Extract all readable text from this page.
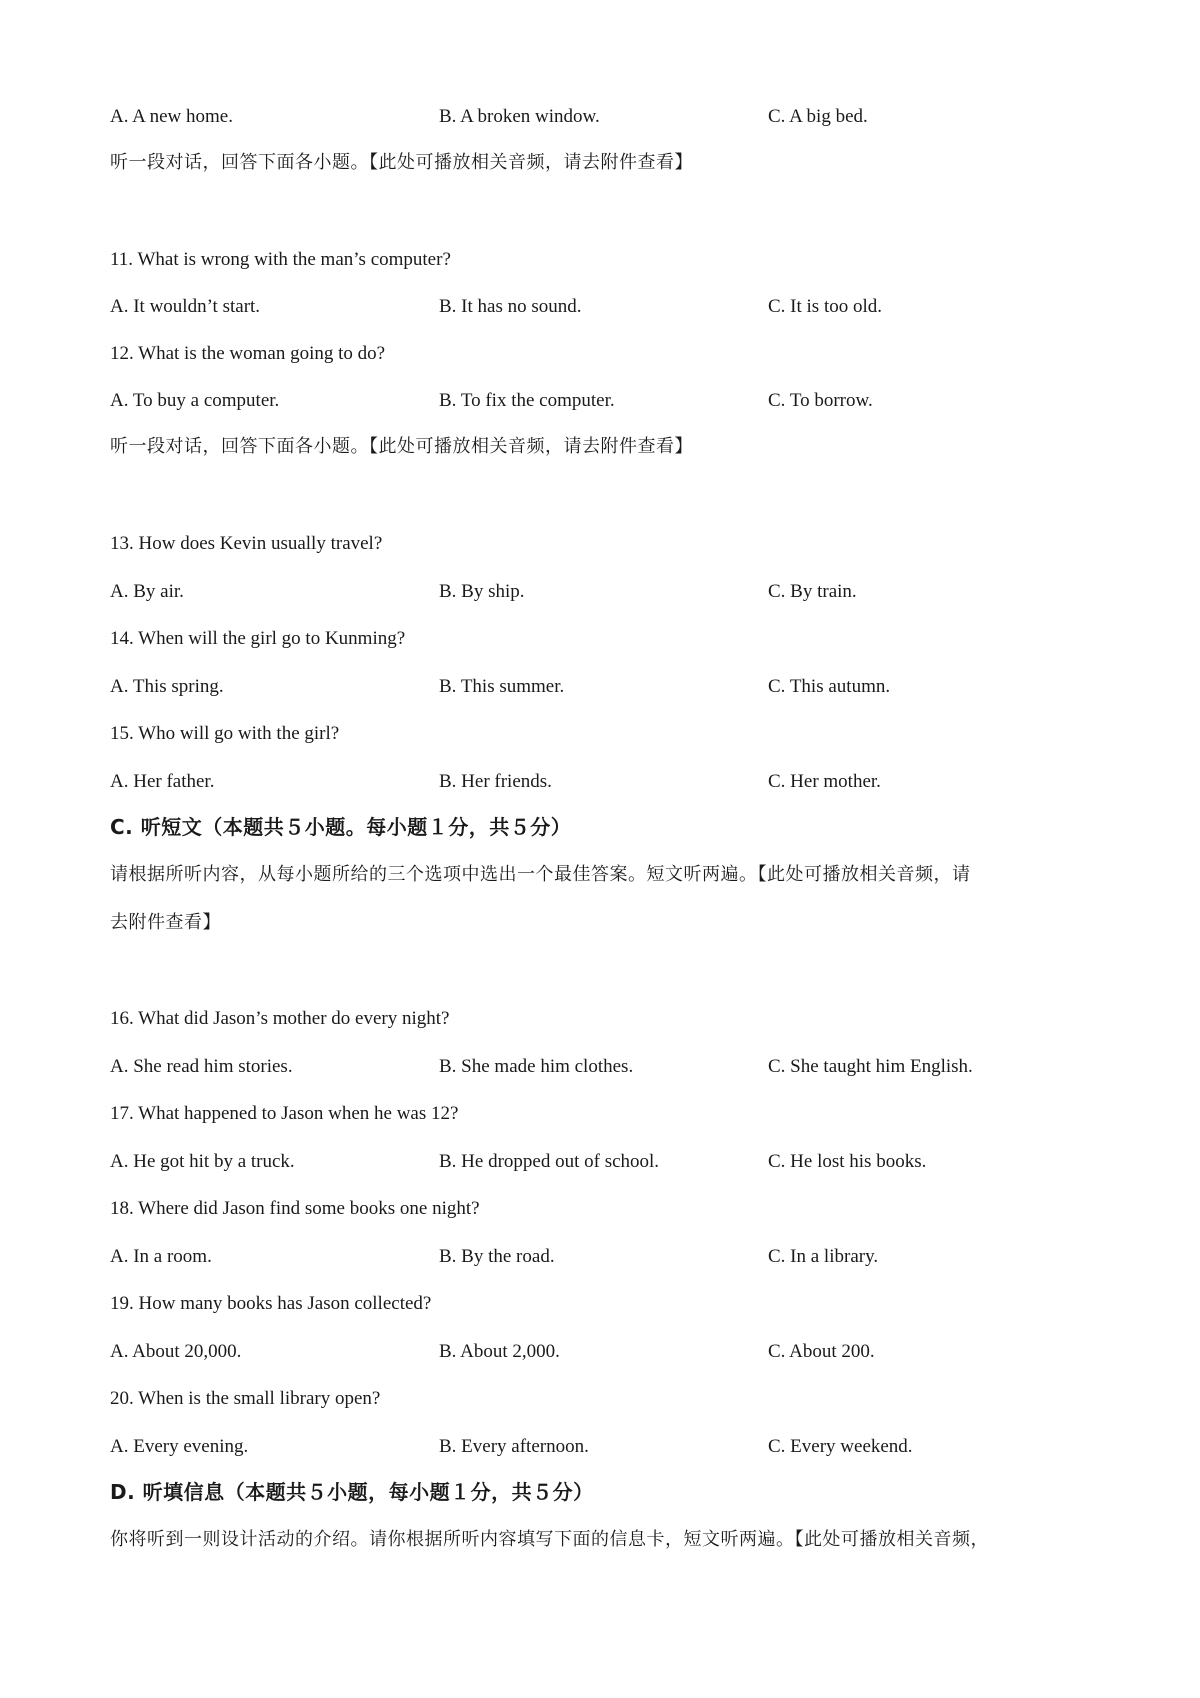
A. A new home.	B. A broken window.	C. A big bed.
听一段对话，回答下面各小题。【此处可播放相关音频，请去附件查看】
11. What is wrong with the man’s computer?
A. It wouldn’t start.	B. It has no sound.	C. It is too old.
12. What is the woman going to do?
A. To buy a computer.	B. To fix the computer.	C. To borrow.
听一段对话，回答下面各小题。【此处可播放相关音频，请去附件查看】
13. How does Kevin usually travel?
A. By air.	B. By ship.	C. By train.
14. When will the girl go to Kunming?
A. This spring.	B. This summer.	C. This autumn.
15. Who will go with the girl?
A. Her father.	B. Her friends.	C. Her mother.
C. 听短文（本题共５小题。每小题１分，共５分）
请根据所听内容，从每小题所给的三个选项中选出一个最佳答案。短文听两遍。【此处可播放相关音频，请
去附件查看】
16. What did Jason’s mother do every night?
A. She read him stories.	B. She made him clothes.	C. She taught him English.
17. What happened to Jason when he was 12?
A. He got hit by a truck.	B. He dropped out of school.	C. He lost his books.
18. Where did Jason find some books one night?
A. In a room.	B. By the road.	C. In a library.
19. How many books has Jason collected?
A. About 20,000.	B. About 2,000.	C. About 200.
20. When is the small library open?
A. Every evening.	B. Every afternoon.	C. Every weekend.
D. 听填信息（本题共５小题，每小题１分，共５分）
你将听到一则设计活动的介绍。请你根据所听内容填写下面的信息卡，短文听两遍。【此处可播放相关音频，
